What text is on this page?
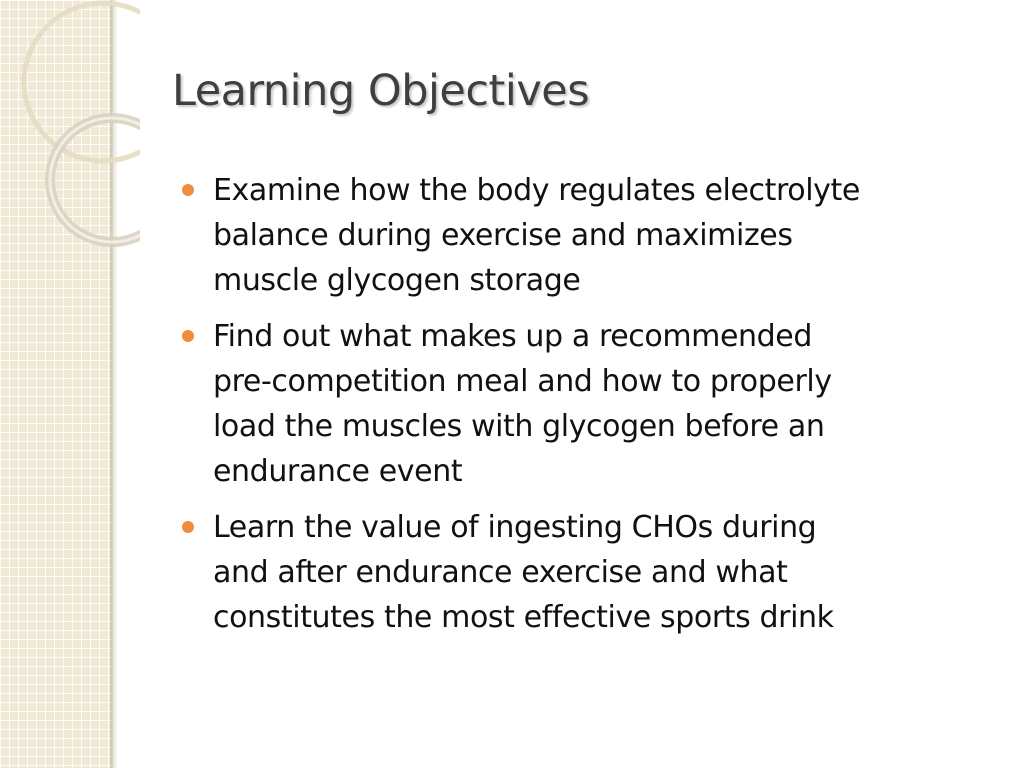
Learning Objectives
Examine how the body regulates electrolyte
balance during exercise and maximizes
muscle glycogen storage
Find out what makes up a recommended
pre-competition meal and how to properly
load the muscles with glycogen before an
endurance event
Learn the value of ingesting CHOs during
and after endurance exercise and what
constitutes the most effective sports drink
